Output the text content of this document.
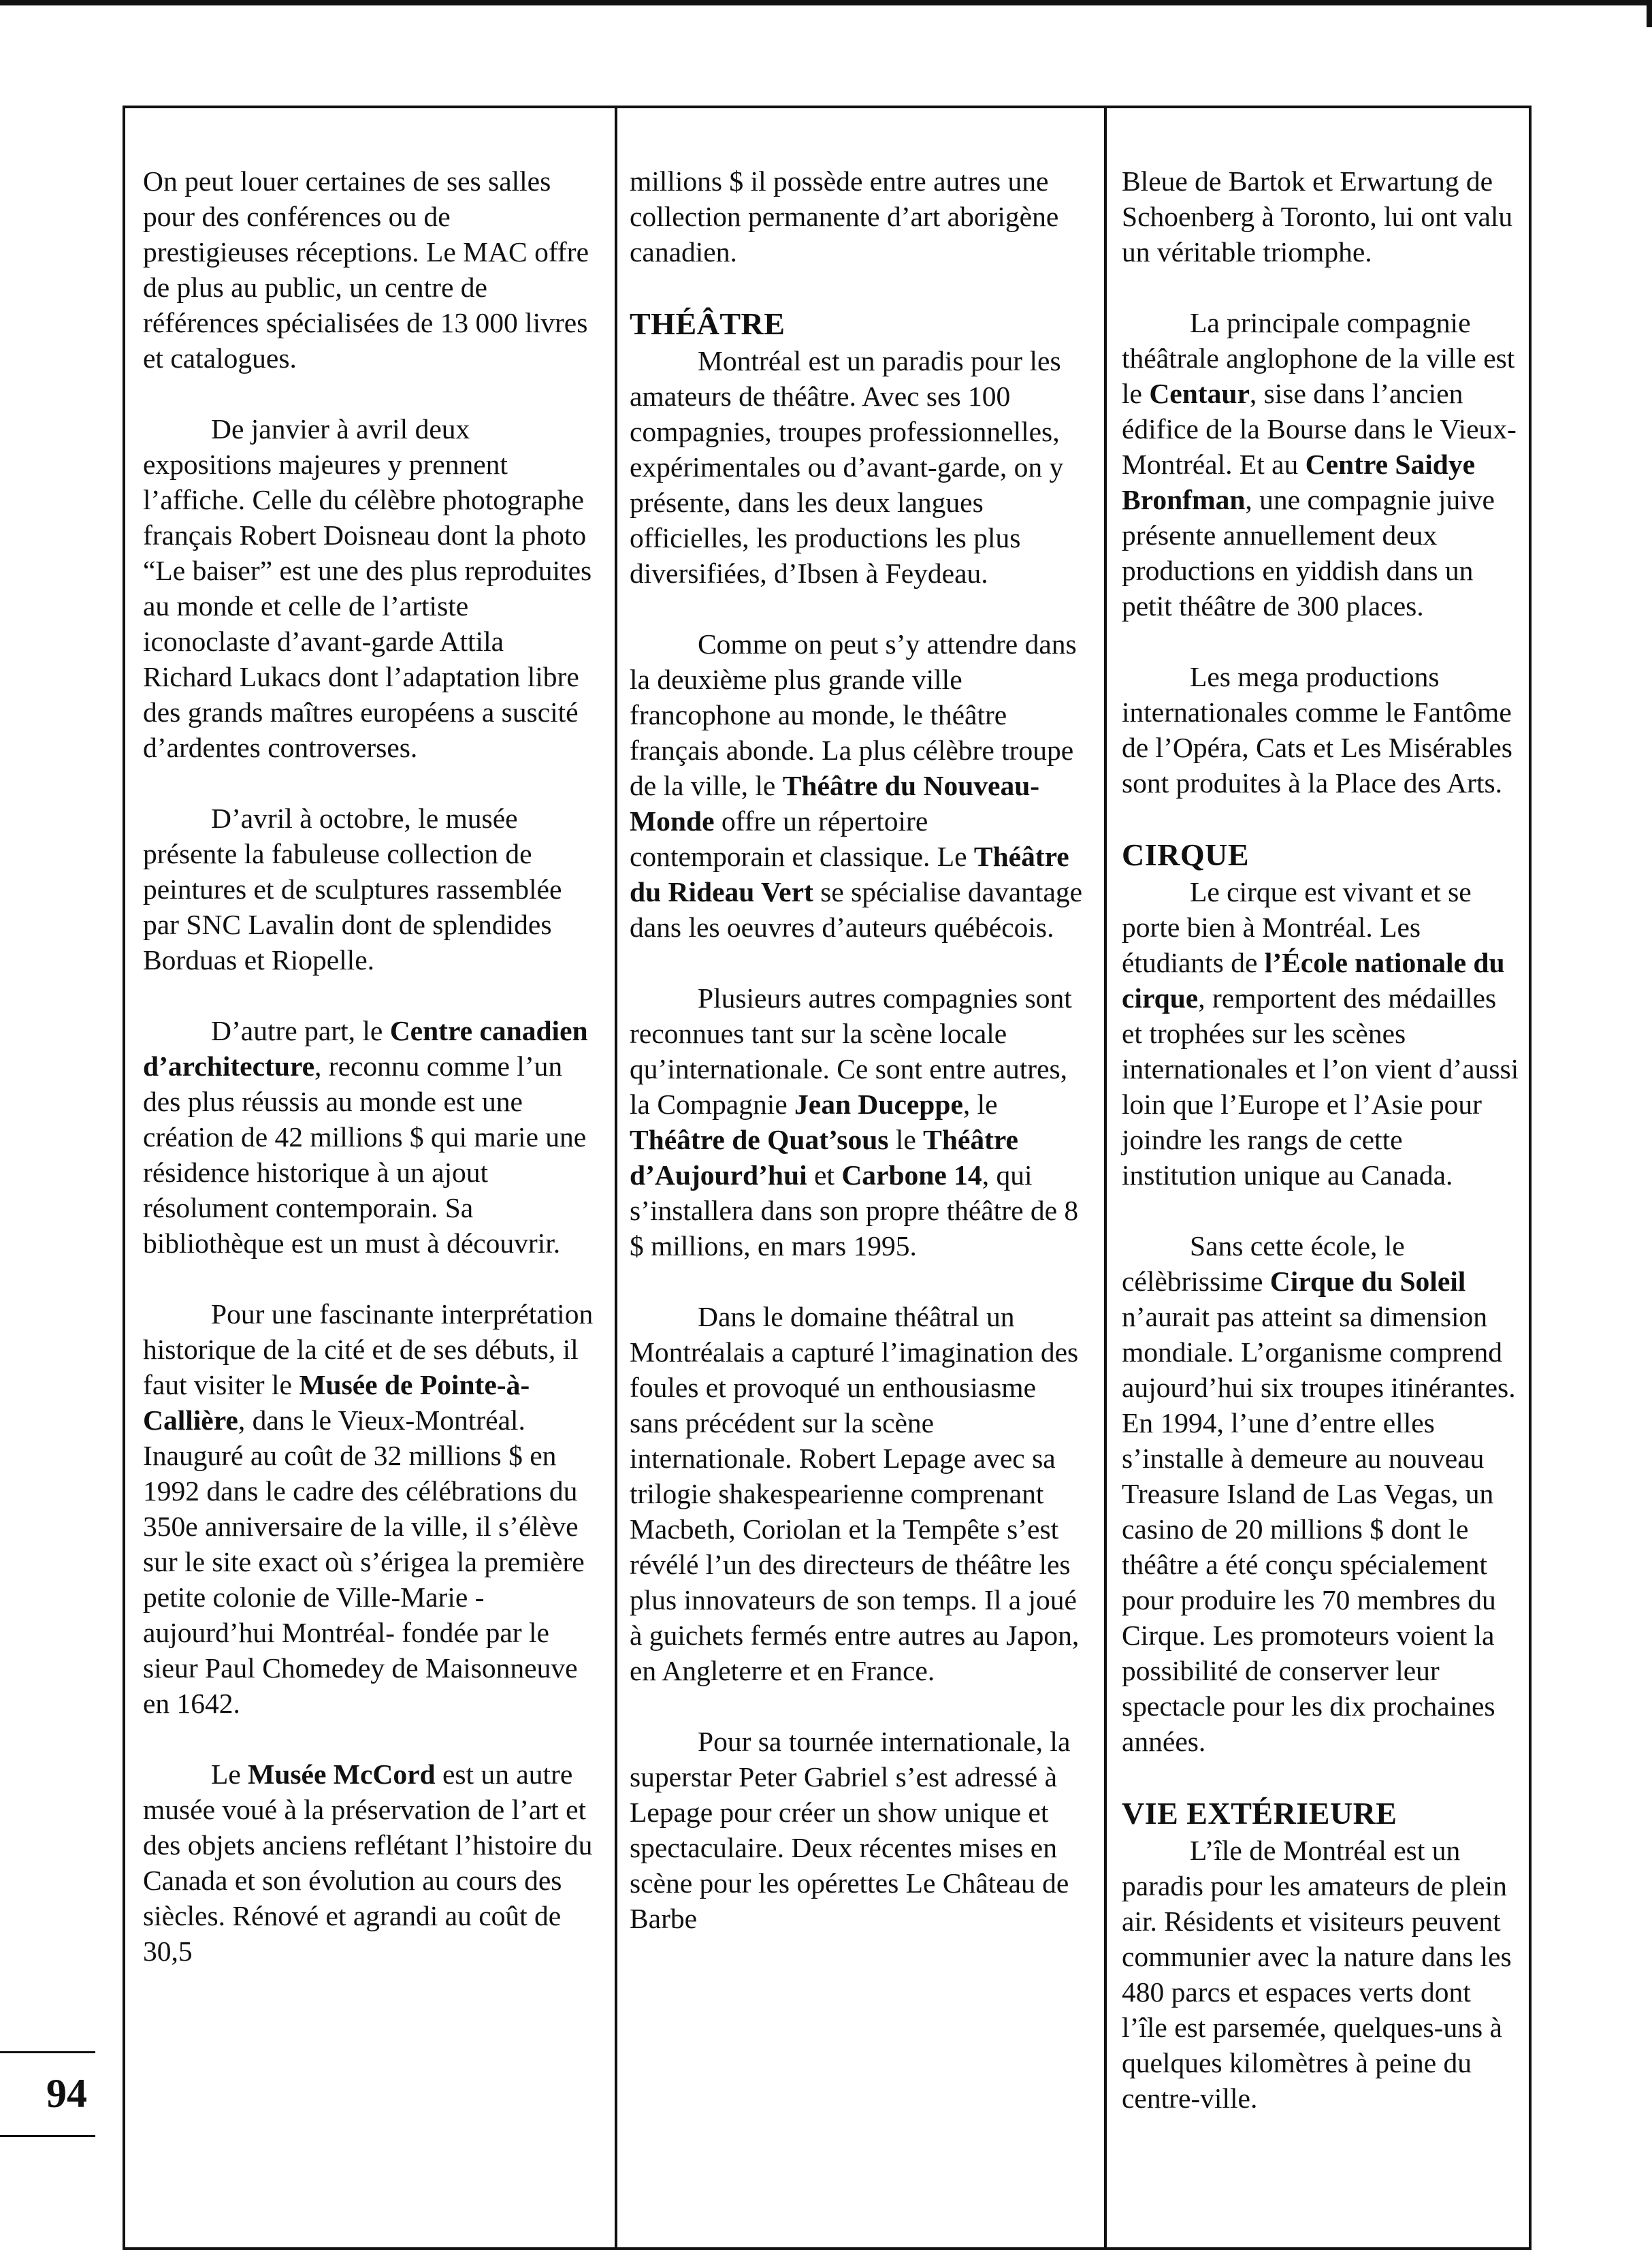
On peut louer certaines de ses salles pour des conférences ou de prestigieuses réceptions. Le MAC offre de plus au public, un centre de références spécialisées de 13 000 livres et catalogues.

De janvier à avril deux expositions majeures y prennent l’affiche. Celle du célèbre photographe français Robert Doisneau dont la photo “Le baiser” est une des plus reproduites au monde et celle de l’artiste iconoclaste d’avant-garde Attila Richard Lukacs dont l’adaptation libre des grands maîtres européens a suscité d’ardentes controverses.

D’avril à octobre, le musée présente la fabuleuse collection de peintures et de sculptures rassemblée par SNC Lavalin dont de splendides Borduas et Riopelle.

D’autre part, le Centre canadien d’architecture, reconnu comme l’un des plus réussis au monde est une création de 42 millions $ qui marie une résidence historique à un ajout résolument contemporain. Sa bibliothèque est un must à découvrir.

Pour une fascinante interprétation historique de la cité et de ses débuts, il faut visiter le Musée de Pointe-à-Callière, dans le Vieux-Montréal. Inauguré au coût de 32 millions $ en 1992 dans le cadre des célébrations du 350e anniversaire de la ville, il s’élève sur le site exact où s’érigea la première petite colonie de Ville-Marie - aujourd’hui Montréal- fondée par le sieur Paul Chomedey de Maisonneuve en 1642.

Le Musée McCord est un autre musée voué à la préservation de l’art et des objets anciens reflétant l’histoire du Canada et son évolution au cours des siècles. Rénové et agrandi au coût de 30,5

millions $ il possède entre autres une collection permanente d’art aborigène canadien.

THÉÂTRE

Montréal est un paradis pour les amateurs de théâtre. Avec ses 100 compagnies, troupes professionnelles, expérimentales ou d’avant-garde, on y présente, dans les deux langues officielles, les productions les plus diversifiées, d’Ibsen à Feydeau.

Comme on peut s’y attendre dans la deuxième plus grande ville francophone au monde, le théâtre français abonde. La plus célèbre troupe de la ville, le Théâtre du Nouveau-Monde offre un répertoire contemporain et classique. Le Théâtre du Rideau Vert se spécialise davantage dans les oeuvres d’auteurs québécois.

Plusieurs autres compagnies sont reconnues tant sur la scène locale qu’internationale. Ce sont entre autres, la Compagnie Jean Duceppe, le Théâtre de Quat’sous le Théâtre d’Aujourd’hui et Carbone 14, qui s’installera dans son propre théâtre de 8 $ millions, en mars 1995.

Dans le domaine théâtral un Montréalais a capturé l’imagination des foules et provoqué un enthousiasme sans précédent sur la scène internationale. Robert Lepage avec sa trilogie shakespearienne comprenant Macbeth, Coriolan et la Tempête s’est révélé l’un des directeurs de théâtre les plus innovateurs de son temps. Il a joué à guichets fermés entre autres au Japon, en Angleterre et en France.

Pour sa tournée internationale, la superstar Peter Gabriel s’est adressé à Lepage pour créer un show unique et spectaculaire. Deux récentes mises en scène pour les opérettes Le Château de Barbe

Bleue de Bartok et Erwartung de Schoenberg à Toronto, lui ont valu un véritable triomphe.

La principale compagnie théâtrale anglophone de la ville est le Centaur, sise dans l’ancien édifice de la Bourse dans le Vieux-Montréal. Et au Centre Saidye Bronfman, une compagnie juive présente annuellement deux productions en yiddish dans un petit théâtre de 300 places.

Les mega productions internationales comme le Fantôme de l’Opéra, Cats et Les Misérables sont produites à la Place des Arts.

CIRQUE

Le cirque est vivant et se porte bien à Montréal. Les étudiants de l’École nationale du cirque, remportent des médailles et trophées sur les scènes internationales et l’on vient d’aussi loin que l’Europe et l’Asie pour joindre les rangs de cette institution unique au Canada.

Sans cette école, le célèbrissime Cirque du Soleil n’aurait pas atteint sa dimension mondiale. L’organisme comprend aujourd’hui six troupes itinérantes. En 1994, l’une d’entre elles s’installe à demeure au nouveau Treasure Island de Las Vegas, un casino de 20 millions $ dont le théâtre a été conçu spécialement pour produire les 70 membres du Cirque. Les promoteurs voient la possibilité de conserver leur spectacle pour les dix prochaines années.

VIE EXTÉRIEURE

L’île de Montréal est un paradis pour les amateurs de plein air. Résidents et visiteurs peuvent communier avec la nature dans les 480 parcs et espaces verts dont l’île est parsemée, quelques-uns à quelques kilomètres à peine du centre-ville.

94
